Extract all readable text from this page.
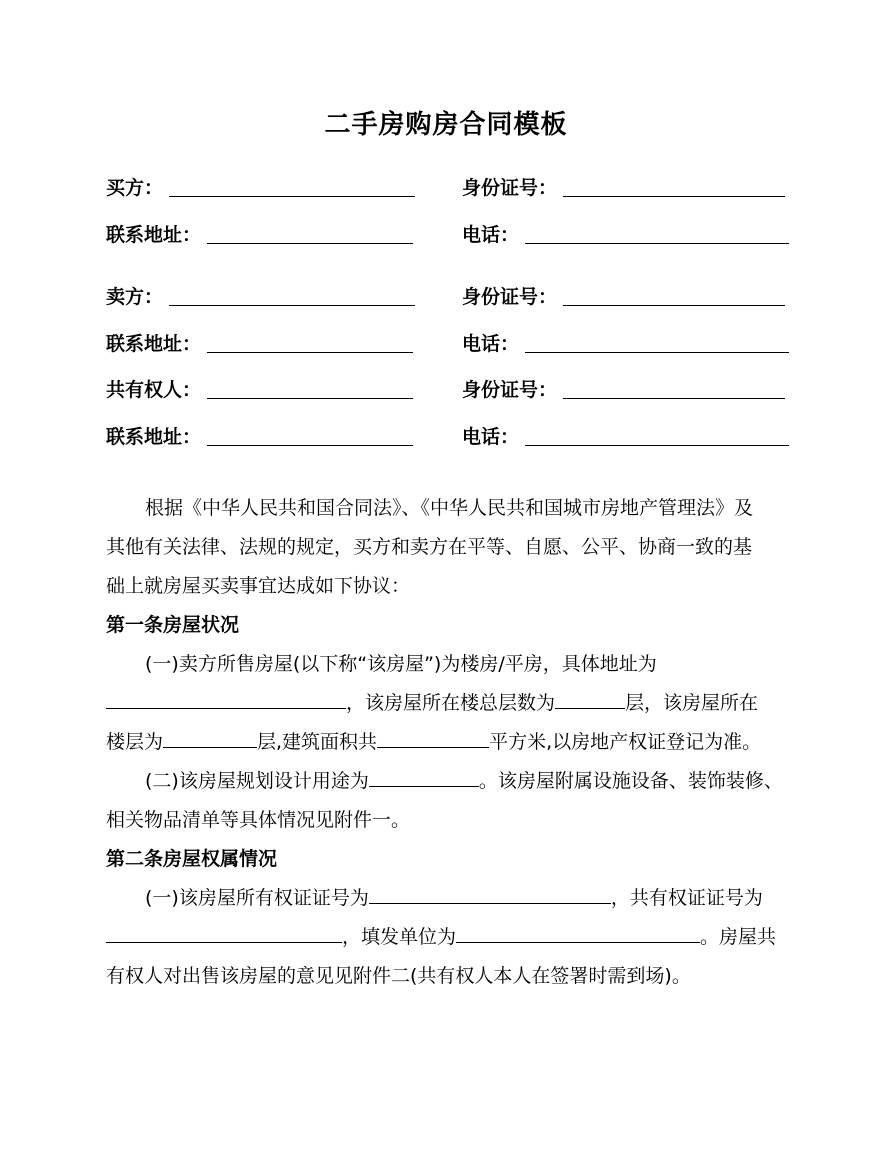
二手房购房合同模板
买方：	身份证号：
联系地址：	电话：
卖方：	身份证号：
联系地址：	电话：
共有权人：	身份证号：
联系地址：	电话：
根据《中华人民共和国合同法》、《中华人民共和国城市房地产管理法》及
其他有关法律、法规的规定，买方和卖方在平等、自愿、公平、协商一致的基
础上就房屋买卖事宜达成如下协议：
第一条房屋状况
(一)卖方所售房屋(以下称“该房屋”)为楼房/平房，具体地址为
，该房屋所在楼总层数为	层，该房屋所在
楼层为	层,建筑面积共	平方米,以房地产权证登记为准。
(二)该房屋规划设计用途为	。该房屋附属设施设备、装饰装修、
相关物品清单等具体情况见附件一。
第二条房屋权属情况
(一)该房屋所有权证证号为	，共有权证证号为
，填发单位为	。房屋共
有权人对出售该房屋的意见见附件二(共有权人本人在签署时需到场)。
